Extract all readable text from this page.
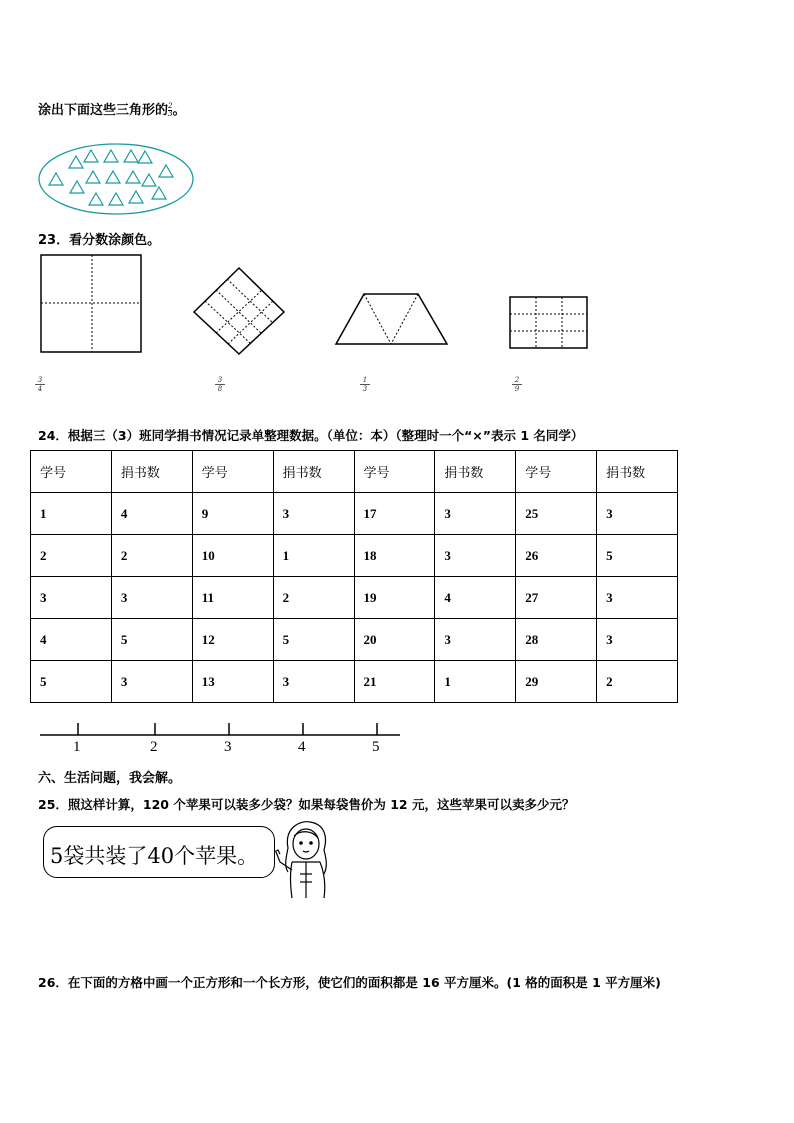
涂出下面这些三角形的 $\frac{2}{3}$ 。
23．看分数涂颜色。
$\frac{3}{4}$	$\frac{3}{8}$	$\frac{1}{3}$	$\frac{2}{9}$
24．根据三（3）班同学捐书情况记录单整理数据。（单位：本）（整理时一个“×”表示 1 名同学）
学号	捐书数	学号	捐书数	学号	捐书数	学号	捐书数
1	4	9	3	17	3	25	3
2	2	10	1	18	3	26	5
3	3	11	2	19	4	27	3
4	5	12	5	20	3	28	3
5	3	13	3	21	1	29	2
1	2	3	4	5
六、生活问题，我会解。
25．照这样计算，120 个苹果可以装多少袋？如果每袋售价为 12 元，这些苹果可以卖多少元？
5袋共装了40个苹果。
26．在下面的方格中画一个正方形和一个长方形，使它们的面积都是 16 平方厘米。(1 格的面积是 1 平方厘米)
